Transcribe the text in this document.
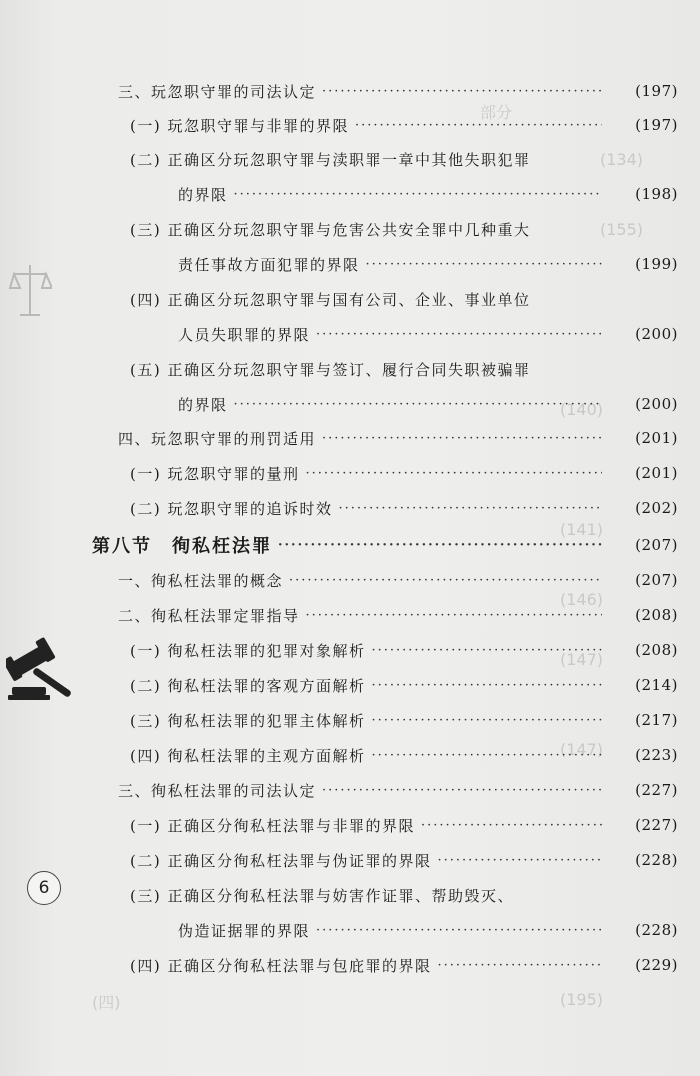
部分
(134)
(155)
(140)
(141)
(146)
(147)
(147)
(四)	(195)
三、玩忽职守罪的司法认定 ·····	(197)
(一) 玩忽职守罪与非罪的界限 ·····	(197)
(二) 正确区分玩忽职守罪与渎职罪一章中其他失职犯罪
的界限 ·····	(198)
(三) 正确区分玩忽职守罪与危害公共安全罪中几种重大
责任事故方面犯罪的界限 ·····	(199)
(四) 正确区分玩忽职守罪与国有公司、企业、事业单位
人员失职罪的界限 ·····	(200)
(五) 正确区分玩忽职守罪与签订、履行合同失职被骗罪
的界限 ·····	(200)
四、玩忽职守罪的刑罚适用 ·····	(201)
(一) 玩忽职守罪的量刑 ·····	(201)
(二) 玩忽职守罪的追诉时效 ·····	(202)
第八节　徇私枉法罪 ·····	(207)
一、徇私枉法罪的概念 ·····	(207)
二、徇私枉法罪定罪指导 ·····	(208)
(一) 徇私枉法罪的犯罪对象解析 ·····	(208)
(二) 徇私枉法罪的客观方面解析 ·····	(214)
(三) 徇私枉法罪的犯罪主体解析 ·····	(217)
(四) 徇私枉法罪的主观方面解析 ·····	(223)
三、徇私枉法罪的司法认定 ·····	(227)
(一) 正确区分徇私枉法罪与非罪的界限 ·····	(227)
(二) 正确区分徇私枉法罪与伪证罪的界限 ·····	(228)
(三) 正确区分徇私枉法罪与妨害作证罪、帮助毁灭、
伪造证据罪的界限 ·····	(228)
(四) 正确区分徇私枉法罪与包庇罪的界限 ·····	(229)
6
